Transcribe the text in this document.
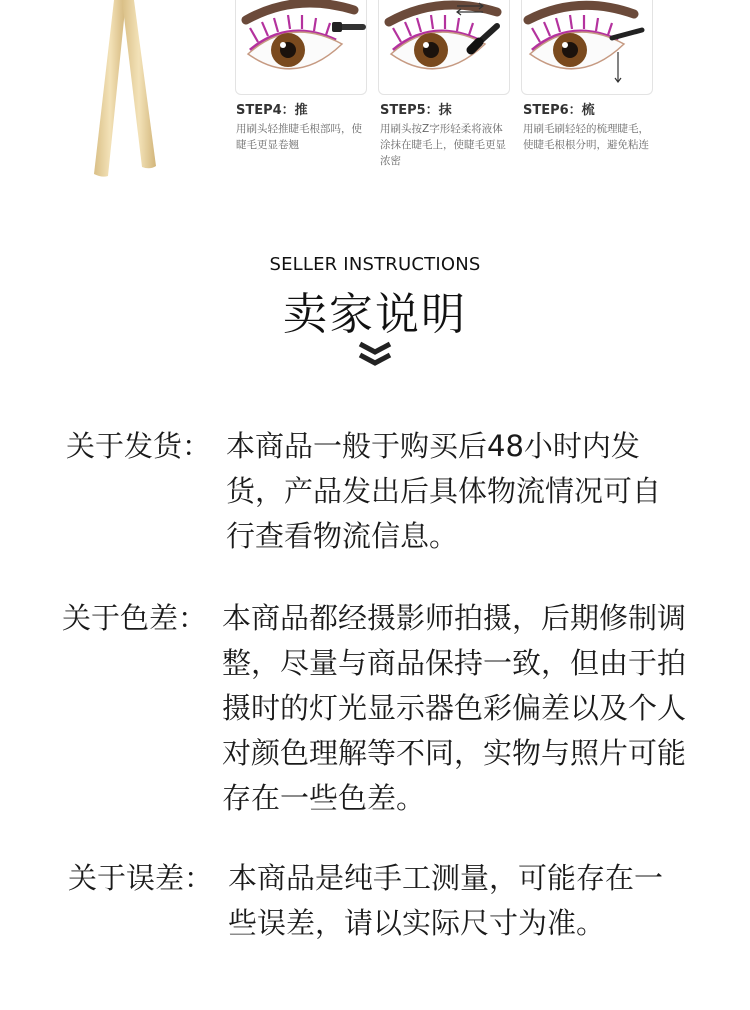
STEP4：推
用刷头轻推睫毛根部吗，使睫毛更显卷翘
STEP5：抹
用刷头按Z字形轻柔将液体涂抹在睫毛上，使睫毛更显浓密
STEP6：梳
用刷毛刷轻轻的梳理睫毛，使睫毛根根分明，避免粘连
SELLER INSTRUCTIONS
卖家说明
关于发货： 本商品一般于购买后48小时内发货，产品发出后具体物流情况可自行查看物流信息。
关于色差： 本商品都经摄影师拍摄，后期修制调整，尽量与商品保持一致，但由于拍摄时的灯光显示器色彩偏差以及个人对颜色理解等不同，实物与照片可能存在一些色差。
关于误差： 本商品是纯手工测量，可能存在一些误差，请以实际尺寸为准。
